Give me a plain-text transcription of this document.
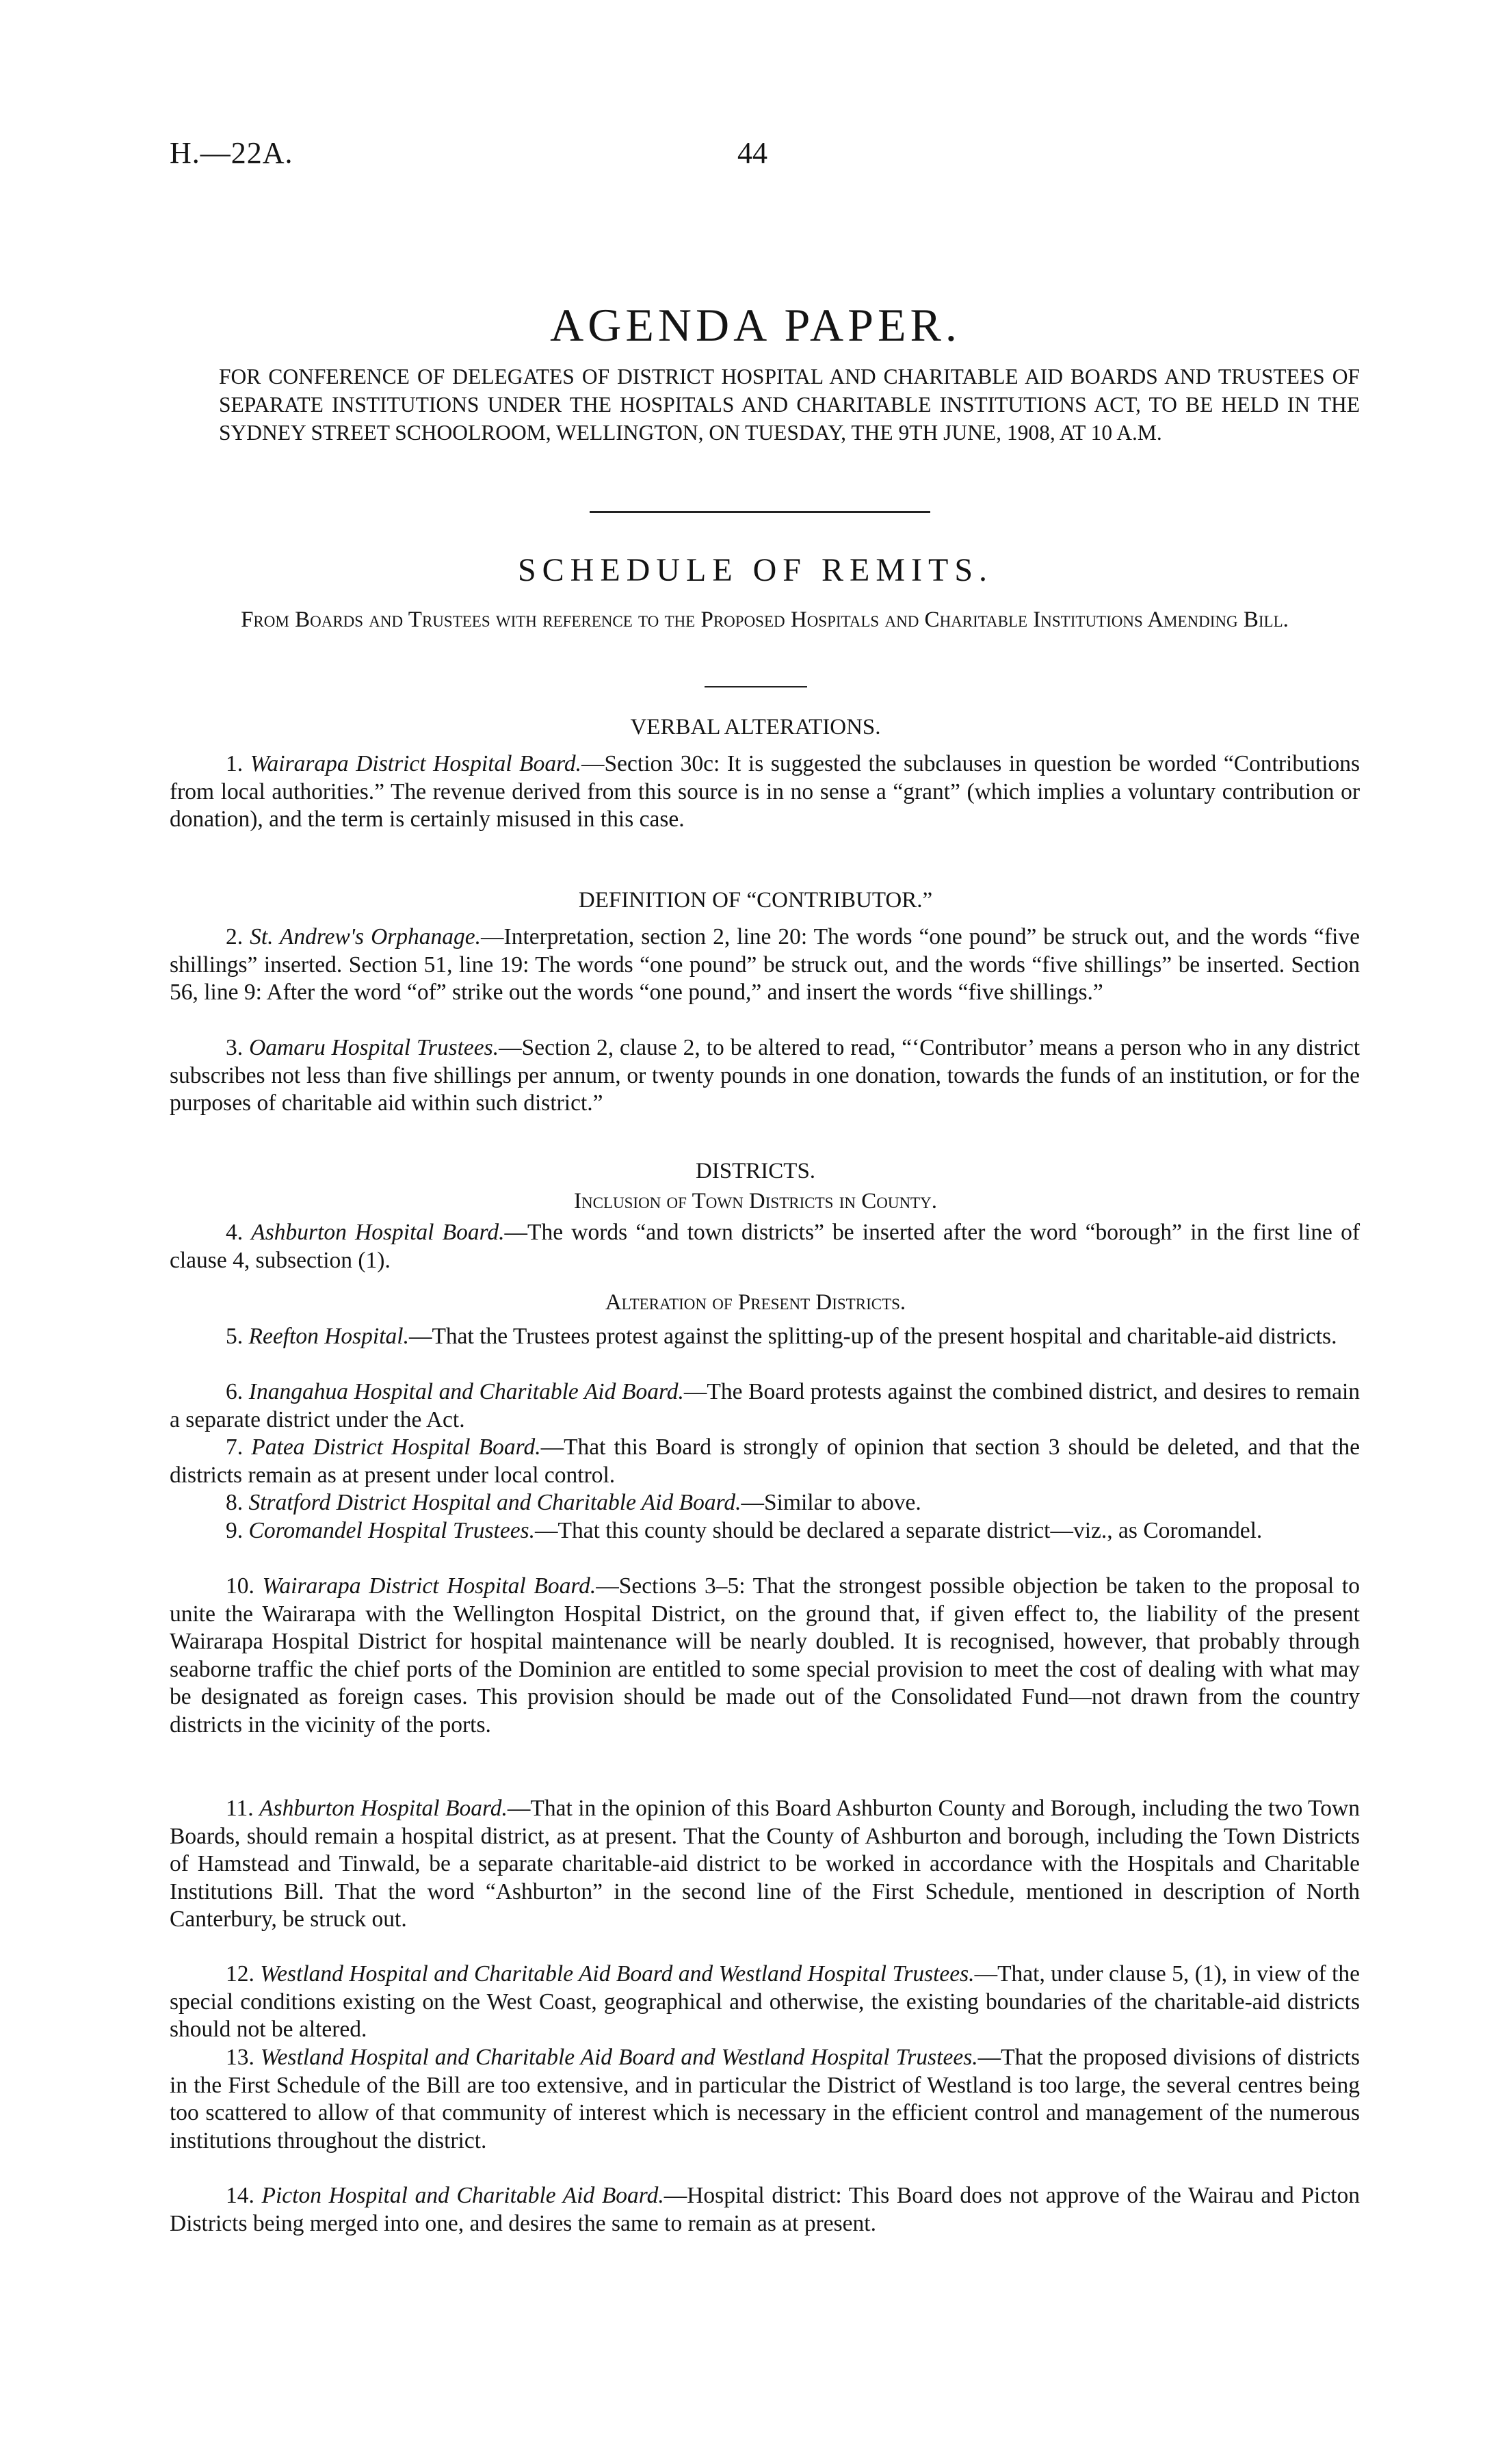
H.—22A.	44
AGENDA PAPER.
FOR CONFERENCE OF DELEGATES OF DISTRICT HOSPITAL AND CHARITABLE AID BOARDS AND TRUSTEES OF SEPARATE INSTITUTIONS UNDER THE HOSPITALS AND CHARITABLE INSTITUTIONS ACT, TO BE HELD IN THE SYDNEY STREET SCHOOLROOM, WELLINGTON, ON TUESDAY, THE 9TH JUNE, 1908, AT 10 A.M.
SCHEDULE OF REMITS.
From Boards and Trustees with reference to the Proposed Hospitals and Charitable Institutions Amending Bill.
VERBAL ALTERATIONS.
1. Wairarapa District Hospital Board.—Section 30c: It is suggested the subclauses in question be worded “Contributions from local authorities.” The revenue derived from this source is in no sense a “grant” (which implies a voluntary contribution or donation), and the term is certainly misused in this case.
DEFINITION OF “CONTRIBUTOR.”
2. St. Andrew's Orphanage.—Interpretation, section 2, line 20: The words “one pound” be struck out, and the words “five shillings” inserted. Section 51, line 19: The words “one pound” be struck out, and the words “five shillings” be inserted. Section 56, line 9: After the word “of” strike out the words “one pound,” and insert the words “five shillings.”
3. Oamaru Hospital Trustees.—Section 2, clause 2, to be altered to read, “‘Contributor’ means a person who in any district subscribes not less than five shillings per annum, or twenty pounds in one donation, towards the funds of an institution, or for the purposes of charitable aid within such district.”
DISTRICTS.
Inclusion of Town Districts in County.
4. Ashburton Hospital Board.—The words “and town districts” be inserted after the word “borough” in the first line of clause 4, subsection (1).
Alteration of Present Districts.
5. Reefton Hospital.—That the Trustees protest against the splitting-up of the present hospital and charitable-aid districts.
6. Inangahua Hospital and Charitable Aid Board.—The Board protests against the combined district, and desires to remain a separate district under the Act.
7. Patea District Hospital Board.—That this Board is strongly of opinion that section 3 should be deleted, and that the districts remain as at present under local control.
8. Stratford District Hospital and Charitable Aid Board.—Similar to above.
9. Coromandel Hospital Trustees.—That this county should be declared a separate district—viz., as Coromandel.
10. Wairarapa District Hospital Board.—Sections 3–5: That the strongest possible objection be taken to the proposal to unite the Wairarapa with the Wellington Hospital District, on the ground that, if given effect to, the liability of the present Wairarapa Hospital District for hospital maintenance will be nearly doubled. It is recognised, however, that probably through seaborne traffic the chief ports of the Dominion are entitled to some special provision to meet the cost of dealing with what may be designated as foreign cases. This provision should be made out of the Consolidated Fund—not drawn from the country districts in the vicinity of the ports.
11. Ashburton Hospital Board.—That in the opinion of this Board Ashburton County and Borough, including the two Town Boards, should remain a hospital district, as at present. That the County of Ashburton and borough, including the Town Districts of Hamstead and Tinwald, be a separate charitable-aid district to be worked in accordance with the Hospitals and Charitable Institutions Bill. That the word “Ashburton” in the second line of the First Schedule, mentioned in description of North Canterbury, be struck out.
12. Westland Hospital and Charitable Aid Board and Westland Hospital Trustees.—That, under clause 5, (1), in view of the special conditions existing on the West Coast, geographical and otherwise, the existing boundaries of the charitable-aid districts should not be altered.
13. Westland Hospital and Charitable Aid Board and Westland Hospital Trustees.—That the proposed divisions of districts in the First Schedule of the Bill are too extensive, and in particular the District of Westland is too large, the several centres being too scattered to allow of that community of interest which is necessary in the efficient control and management of the numerous institutions throughout the district.
14. Picton Hospital and Charitable Aid Board.—Hospital district: This Board does not approve of the Wairau and Picton Districts being merged into one, and desires the same to remain as at present.
